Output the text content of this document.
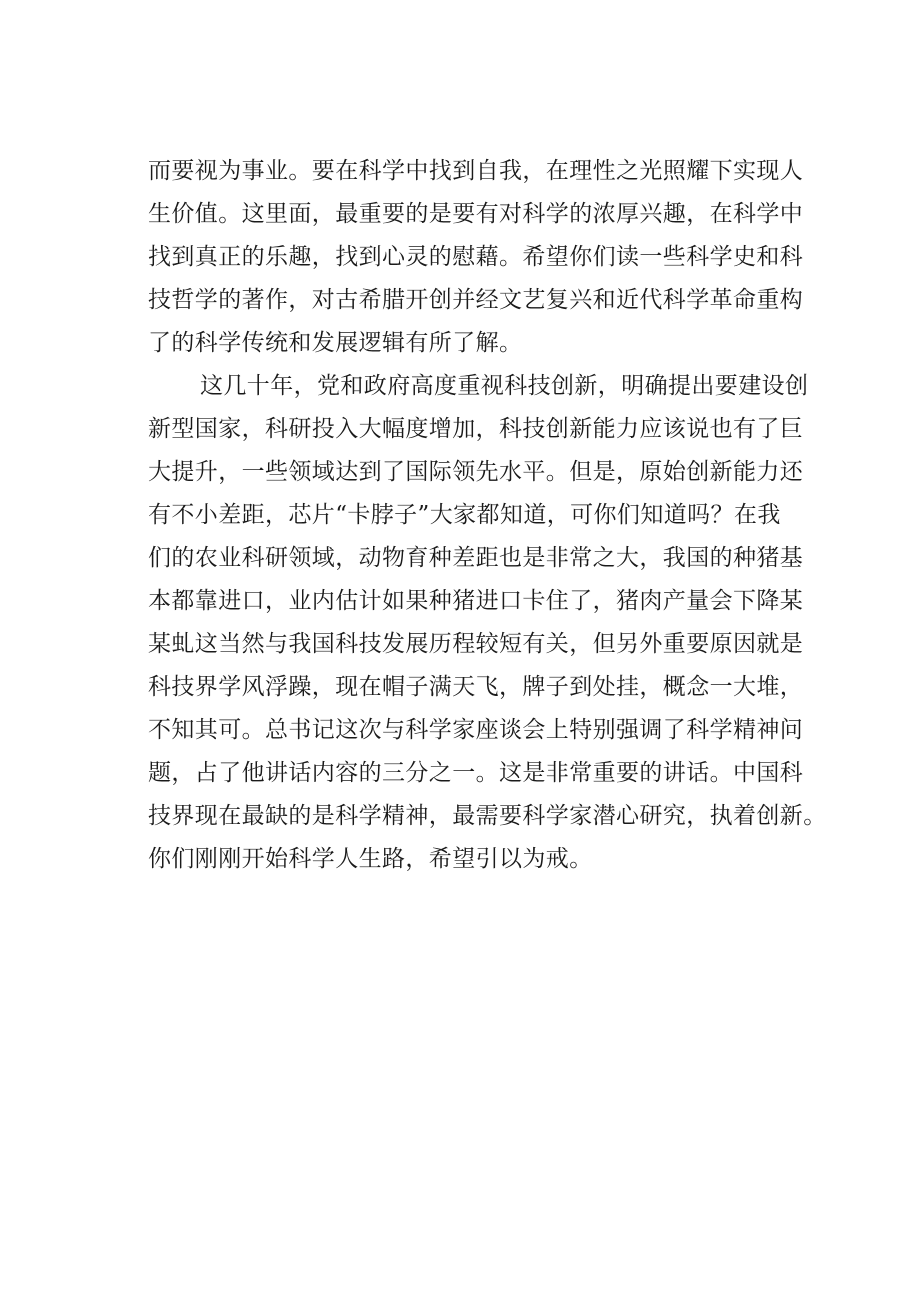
而要视为事业。要在科学中找到自我，在理性之光照耀下实现人
生价值。这里面，最重要的是要有对科学的浓厚兴趣，在科学中
找到真正的乐趣，找到心灵的慰藉。希望你们读一些科学史和科
技哲学的著作，对古希腊开创并经文艺复兴和近代科学革命重构
了的科学传统和发展逻辑有所了解。
这几十年，党和政府高度重视科技创新，明确提出要建设创
新型国家，科研投入大幅度增加，科技创新能力应该说也有了巨
大提升，一些领域达到了国际领先水平。但是，原始创新能力还
有不小差距，芯片“卡脖子”大家都知道，可你们知道吗？在我
们的农业科研领域，动物育种差距也是非常之大，我国的种猪基
本都靠进口，业内估计如果种猪进口卡住了，猪肉产量会下降某
某虬这当然与我国科技发展历程较短有关，但另外重要原因就是
科技界学风浮躁，现在帽子满天飞，牌子到处挂，概念一大堆，
不知其可。总书记这次与科学家座谈会上特别强调了科学精神问
题，占了他讲话内容的三分之一。这是非常重要的讲话。中国科
技界现在最缺的是科学精神，最需要科学家潜心研究，执着创新。
你们刚刚开始科学人生路，希望引以为戒。
